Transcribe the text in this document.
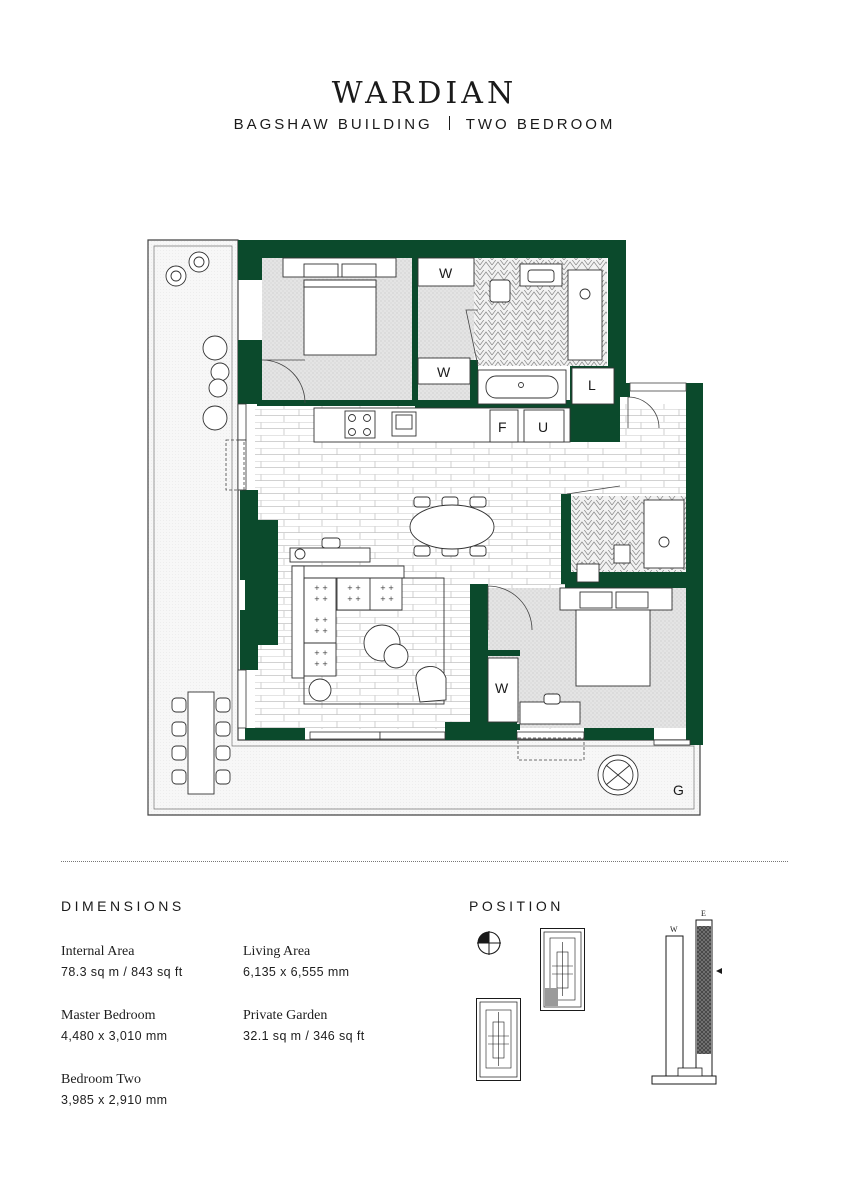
WARDIAN
BAGSHAW BUILDING TWO BEDROOM
W
W
L
F U
+ +
+ +
+ +
+ +
+ +
+ +
+ +
+ +
+ +
+ +
W
G
DIMENSIONS
Internal Area
78.3 sq m / 843 sq ft
Living Area
6,135 x 6,555 mm
Master Bedroom
4,480 x 3,010 mm
Private Garden
32.1 sq m / 346 sq ft
Bedroom Two
3,985 x 2,910 mm
POSITION
W
E
